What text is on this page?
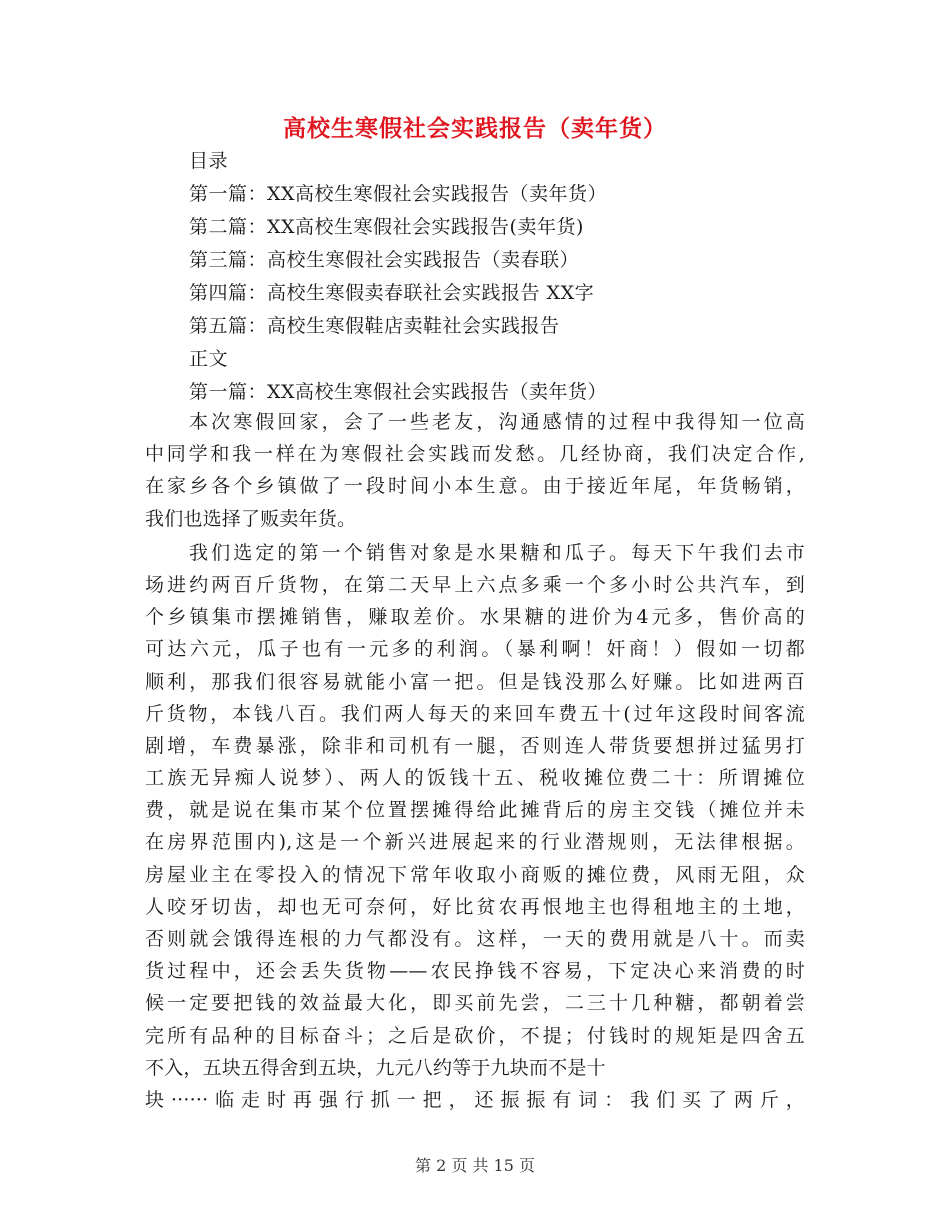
高校生寒假社会实践报告（卖年货）
目录
第一篇：XX高校生寒假社会实践报告（卖年货）
第二篇：XX高校生寒假社会实践报告(卖年货)
第三篇：高校生寒假社会实践报告（卖春联）
第四篇：高校生寒假卖春联社会实践报告 XX字
第五篇：高校生寒假鞋店卖鞋社会实践报告
正文
第一篇：XX高校生寒假社会实践报告（卖年货）
本次寒假回家，会了一些老友，沟通感情的过程中我得知一位高
中同学和我一样在为寒假社会实践而发愁。几经协商，我们决定合作,
在家乡各个乡镇做了一段时间小本生意。由于接近年尾，年货畅销，
我们也选择了贩卖年货。
我们选定的第一个销售对象是水果糖和瓜子。每天下午我们去市
场进约两百斤货物，在第二天早上六点多乘一个多小时公共汽车，到
个乡镇集市摆摊销售，赚取差价。水果糖的进价为4元多，售价高的
可达六元，瓜子也有一元多的利润。（暴利啊！奸商！）假如一切都
顺利，那我们很容易就能小富一把。但是钱没那么好赚。比如进两百
斤货物，本钱八百。我们两人每天的来回车费五十(过年这段时间客流
剧增，车费暴涨，除非和司机有一腿，否则连人带货要想拼过猛男打
工族无异痴人说梦）、两人的饭钱十五、税收摊位费二十：所谓摊位
费，就是说在集市某个位置摆摊得给此摊背后的房主交钱（摊位并未
在房界范围内),这是一个新兴进展起来的行业潜规则，无法律根据。
房屋业主在零投入的情况下常年收取小商贩的摊位费，风雨无阻，众
人咬牙切齿，却也无可奈何，好比贫农再恨地主也得租地主的土地，
否则就会饿得连根的力气都没有。这样，一天的费用就是八十。而卖
货过程中，还会丢失货物——农民挣钱不容易，下定决心来消费的时
候一定要把钱的效益最大化，即买前先尝，二三十几种糖，都朝着尝
完所有品种的目标奋斗；之后是砍价，不提；付钱时的规矩是四舍五
不入，五块五得舍到五块，九元八约等于九块而不是十
块······临走时再强行抓一把，还振振有词：我们买了两斤，
第 2 页 共 15 页
